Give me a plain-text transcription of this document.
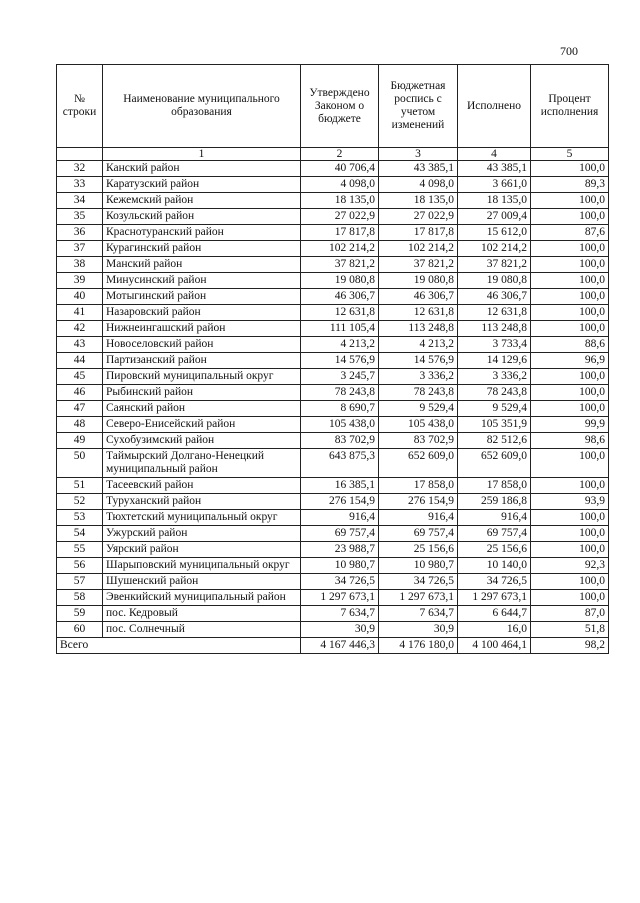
700
№ строки	Наименование муниципального образования	Утверждено Законом о бюджете	Бюджетная роспись с учетом изменений	Исполнено	Процент исполнения
	1	2	3	4	5
32	Канский район	40 706,4	43 385,1	43 385,1	100,0
33	Каратузский район	4 098,0	4 098,0	3 661,0	89,3
34	Кежемский район	18 135,0	18 135,0	18 135,0	100,0
35	Козульский район	27 022,9	27 022,9	27 009,4	100,0
36	Краснотуранский район	17 817,8	17 817,8	15 612,0	87,6
37	Курагинский район	102 214,2	102 214,2	102 214,2	100,0
38	Манский район	37 821,2	37 821,2	37 821,2	100,0
39	Минусинский район	19 080,8	19 080,8	19 080,8	100,0
40	Мотыгинский район	46 306,7	46 306,7	46 306,7	100,0
41	Назаровский район	12 631,8	12 631,8	12 631,8	100,0
42	Нижнеингашский район	111 105,4	113 248,8	113 248,8	100,0
43	Новоселовский район	4 213,2	4 213,2	3 733,4	88,6
44	Партизанский район	14 576,9	14 576,9	14 129,6	96,9
45	Пировский муниципальный округ	3 245,7	3 336,2	3 336,2	100,0
46	Рыбинский район	78 243,8	78 243,8	78 243,8	100,0
47	Саянский район	8 690,7	9 529,4	9 529,4	100,0
48	Северо-Енисейский район	105 438,0	105 438,0	105 351,9	99,9
49	Сухобузимский район	83 702,9	83 702,9	82 512,6	98,6
50	Таймырский Долгано-Ненецкий муниципальный район	643 875,3	652 609,0	652 609,0	100,0
51	Тасеевский район	16 385,1	17 858,0	17 858,0	100,0
52	Туруханский район	276 154,9	276 154,9	259 186,8	93,9
53	Тюхтетский муниципальный округ	916,4	916,4	916,4	100,0
54	Ужурский район	69 757,4	69 757,4	69 757,4	100,0
55	Уярский район	23 988,7	25 156,6	25 156,6	100,0
56	Шарыповский муниципальный округ	10 980,7	10 980,7	10 140,0	92,3
57	Шушенский район	34 726,5	34 726,5	34 726,5	100,0
58	Эвенкийский муниципальный район	1 297 673,1	1 297 673,1	1 297 673,1	100,0
59	пос. Кедровый	7 634,7	7 634,7	6 644,7	87,0
60	пос. Солнечный	30,9	30,9	16,0	51,8
Всего		4 167 446,3	4 176 180,0	4 100 464,1	98,2
